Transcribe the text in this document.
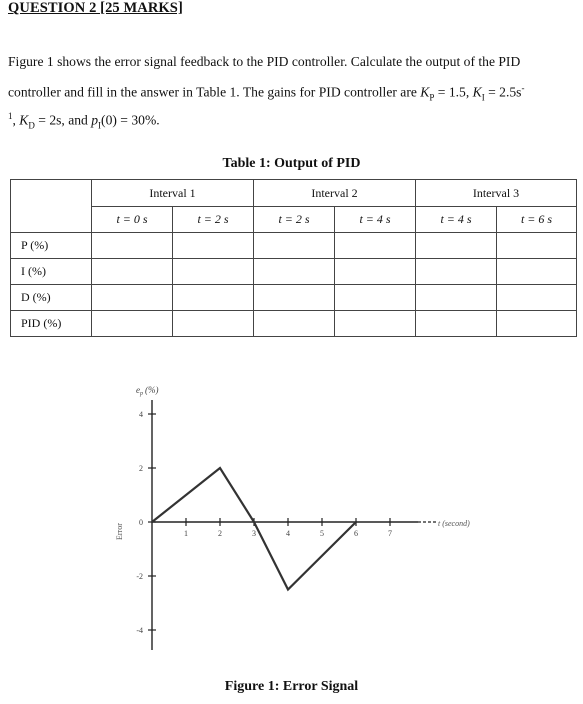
QUESTION 2 [25 MARKS]

Figure 1 shows the error signal feedback to the PID controller. Calculate the output of the PID

controller and fill in the answer in Table 1. The gains for PID controller are $K_P = 1.5$, $K_I = 2.5s^-$

$^1$, $K_D = 2s$, and $p_I(0) = 30\%$.

Table 1: Output of PID
	Interval 1		Interval 2		Interval 3	
	t = 0 s	t = 2 s	t = 2 s	t = 4 s	t = 4 s	t = 6 s
P (%)						
I (%)						
D (%)						
PID (%)						
$e_p$ (%)
Error	t (second)
4
2
0
-2
-4
1	2	3	4	5	6	7
Figure 1: Error Signal
